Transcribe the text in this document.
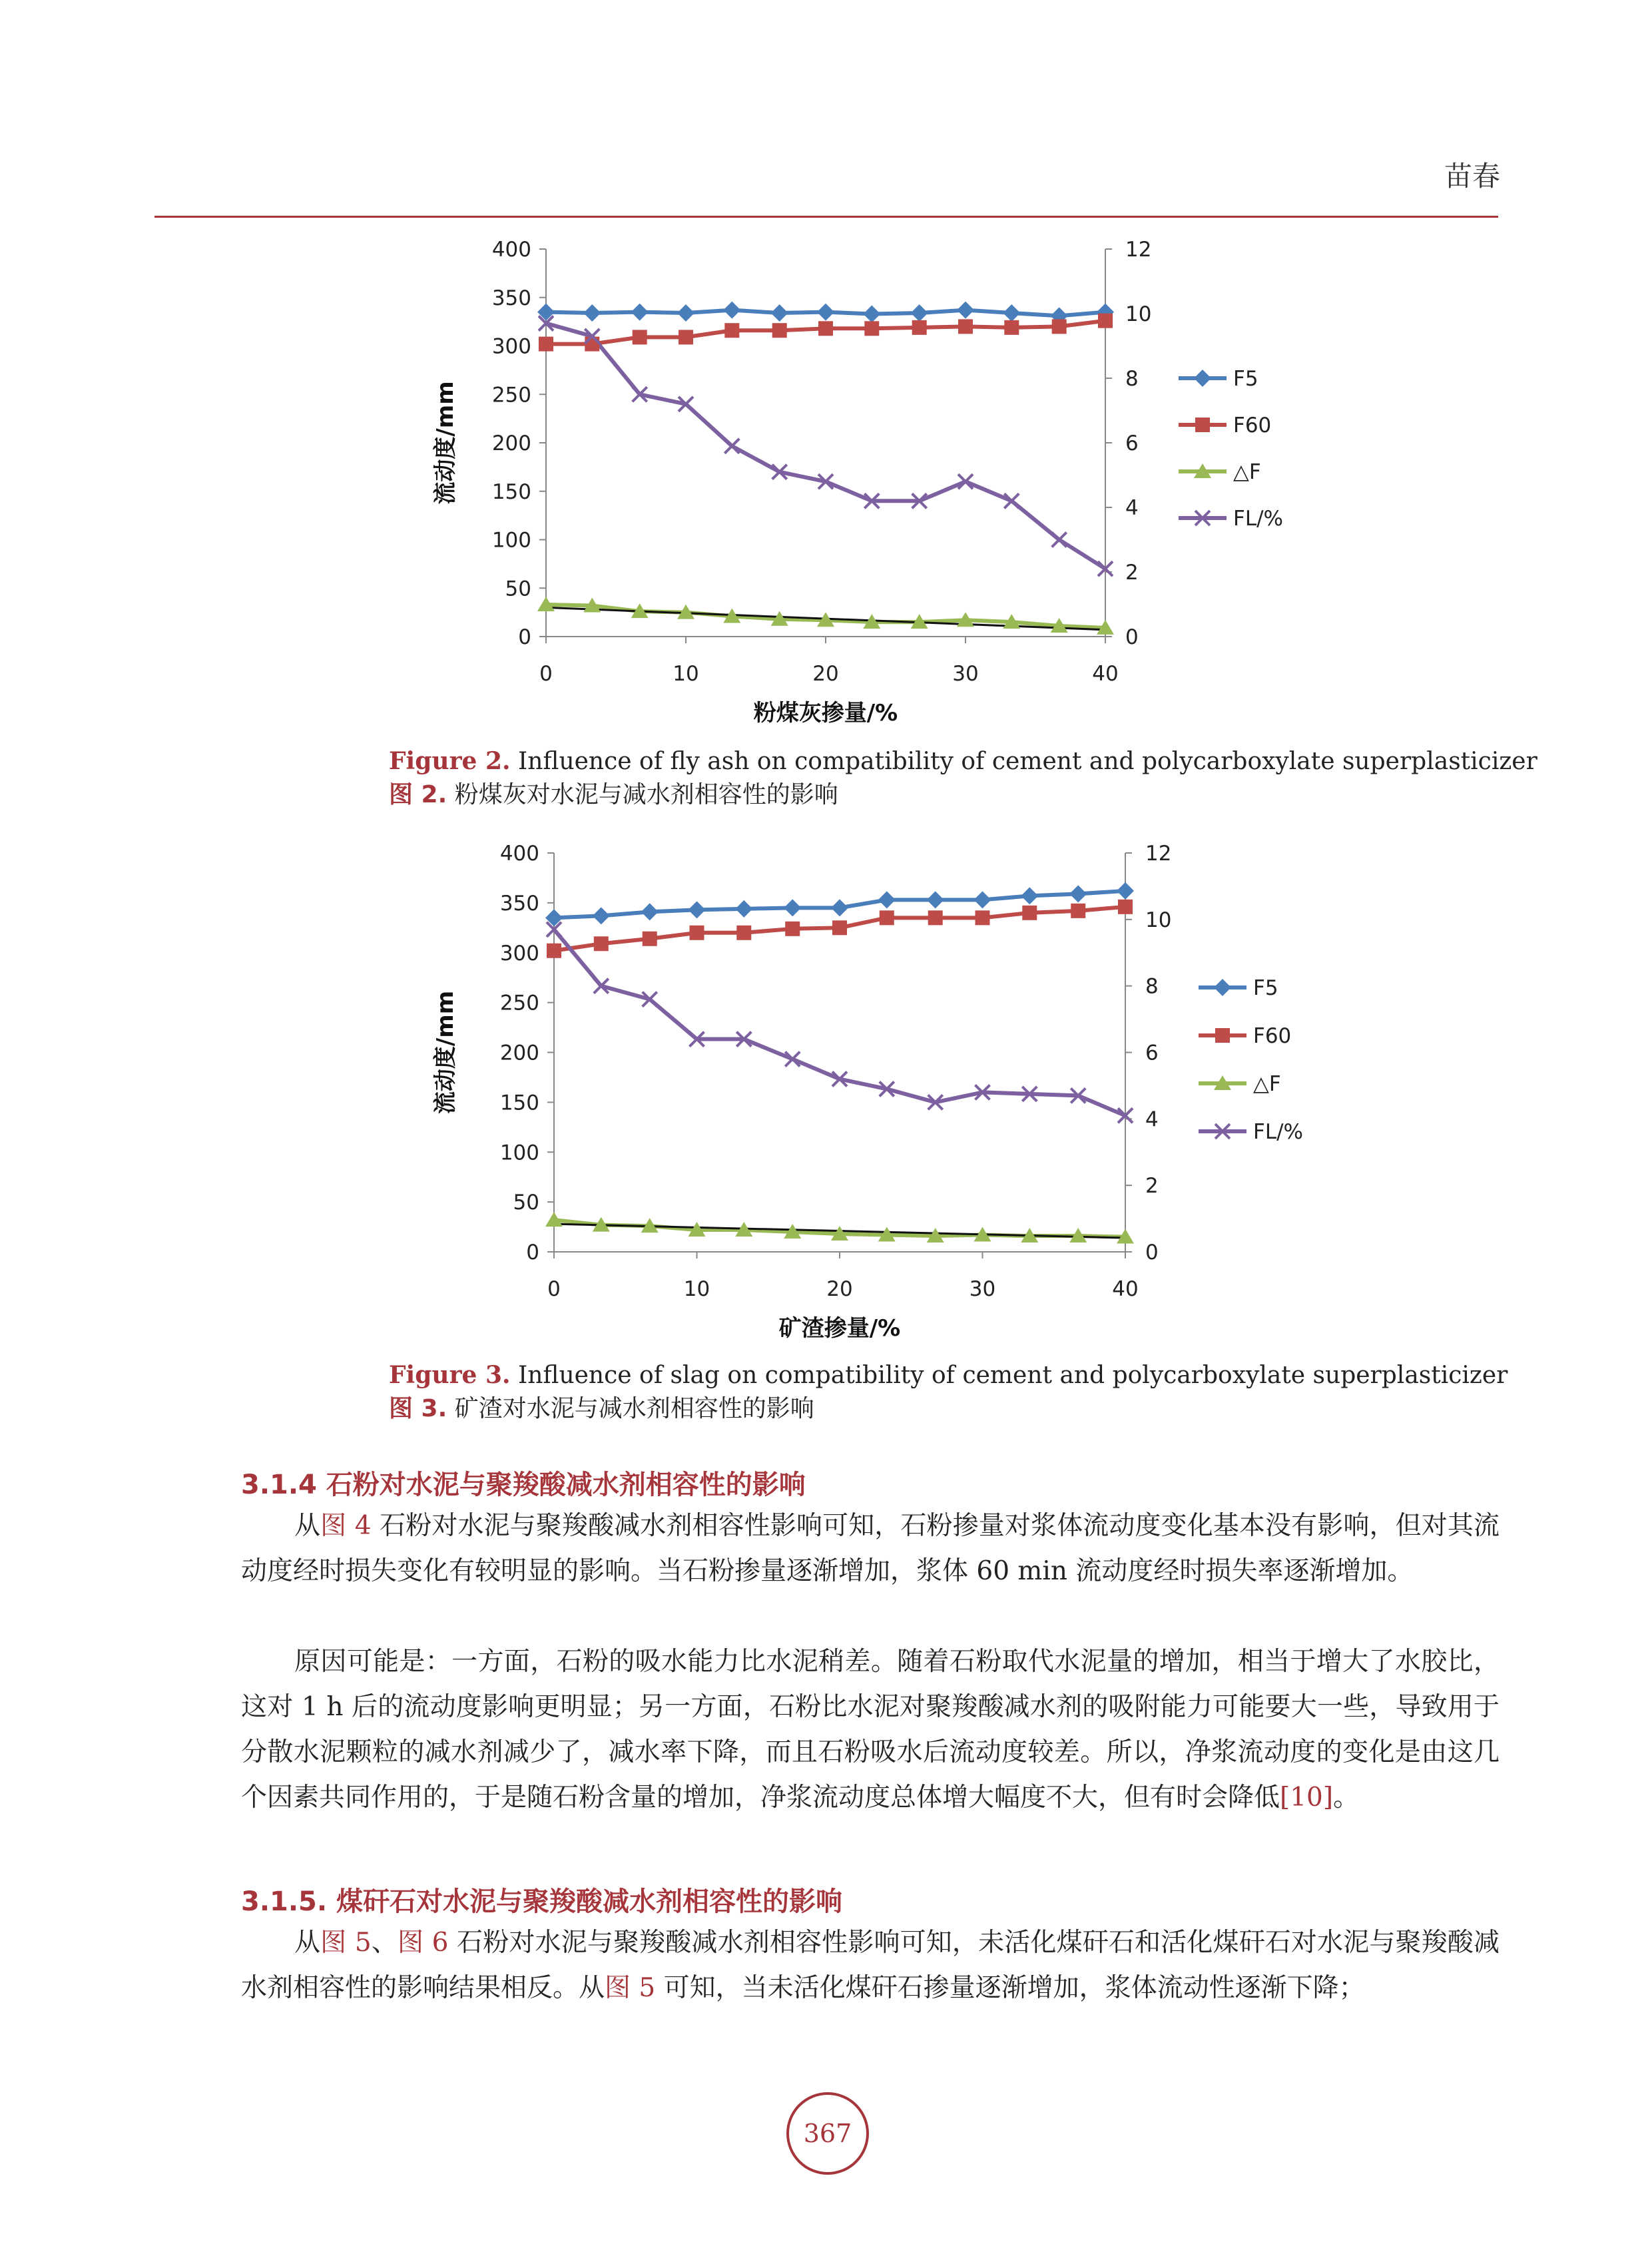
苗春
0
50
100
150
200
250
300
350
400
0
2
4
6
8
10
12
0	10	20	30	40
粉煤灰掺量/%
流动度/mm
F5
F60
△F
FL/%
Figure 2. Influence of fly ash on compatibility of cement and polycarboxylate superplasticizer
图 2. 粉煤灰对水泥与减水剂相容性的影响
0
50
100
150
200
250
300
350
400
0
2
4
6
8
10
12
0	10	20	30	40
矿渣掺量/%
流动度/mm
F5
F60
△F
FL/%
Figure 3. Influence of slag on compatibility of cement and polycarboxylate superplasticizer
图 3. 矿渣对水泥与减水剂相容性的影响
3.1.4 石粉对水泥与聚羧酸减水剂相容性的影响
从图 4 石粉对水泥与聚羧酸减水剂相容性影响可知，石粉掺量对浆体流动度变化基本没有影响，但对其流动度经时损失变化有较明显的影响。当石粉掺量逐渐增加，浆体 60 min 流动度经时损失率逐渐增加。
原因可能是：一方面，石粉的吸水能力比水泥稍差。随着石粉取代水泥量的增加，相当于增大了水胶比，这对 1 h 后的流动度影响更明显；另一方面，石粉比水泥对聚羧酸减水剂的吸附能力可能要大一些，导致用于分散水泥颗粒的减水剂减少了，减水率下降，而且石粉吸水后流动度较差。所以，净浆流动度的变化是由这几个因素共同作用的，于是随石粉含量的增加，净浆流动度总体增大幅度不大，但有时会降低[10]。
3.1.5. 煤矸石对水泥与聚羧酸减水剂相容性的影响
从图 5、图 6 石粉对水泥与聚羧酸减水剂相容性影响可知，未活化煤矸石和活化煤矸石对水泥与聚羧酸减水剂相容性的影响结果相反。从图 5 可知，当未活化煤矸石掺量逐渐增加，浆体流动性逐渐下降；
367
